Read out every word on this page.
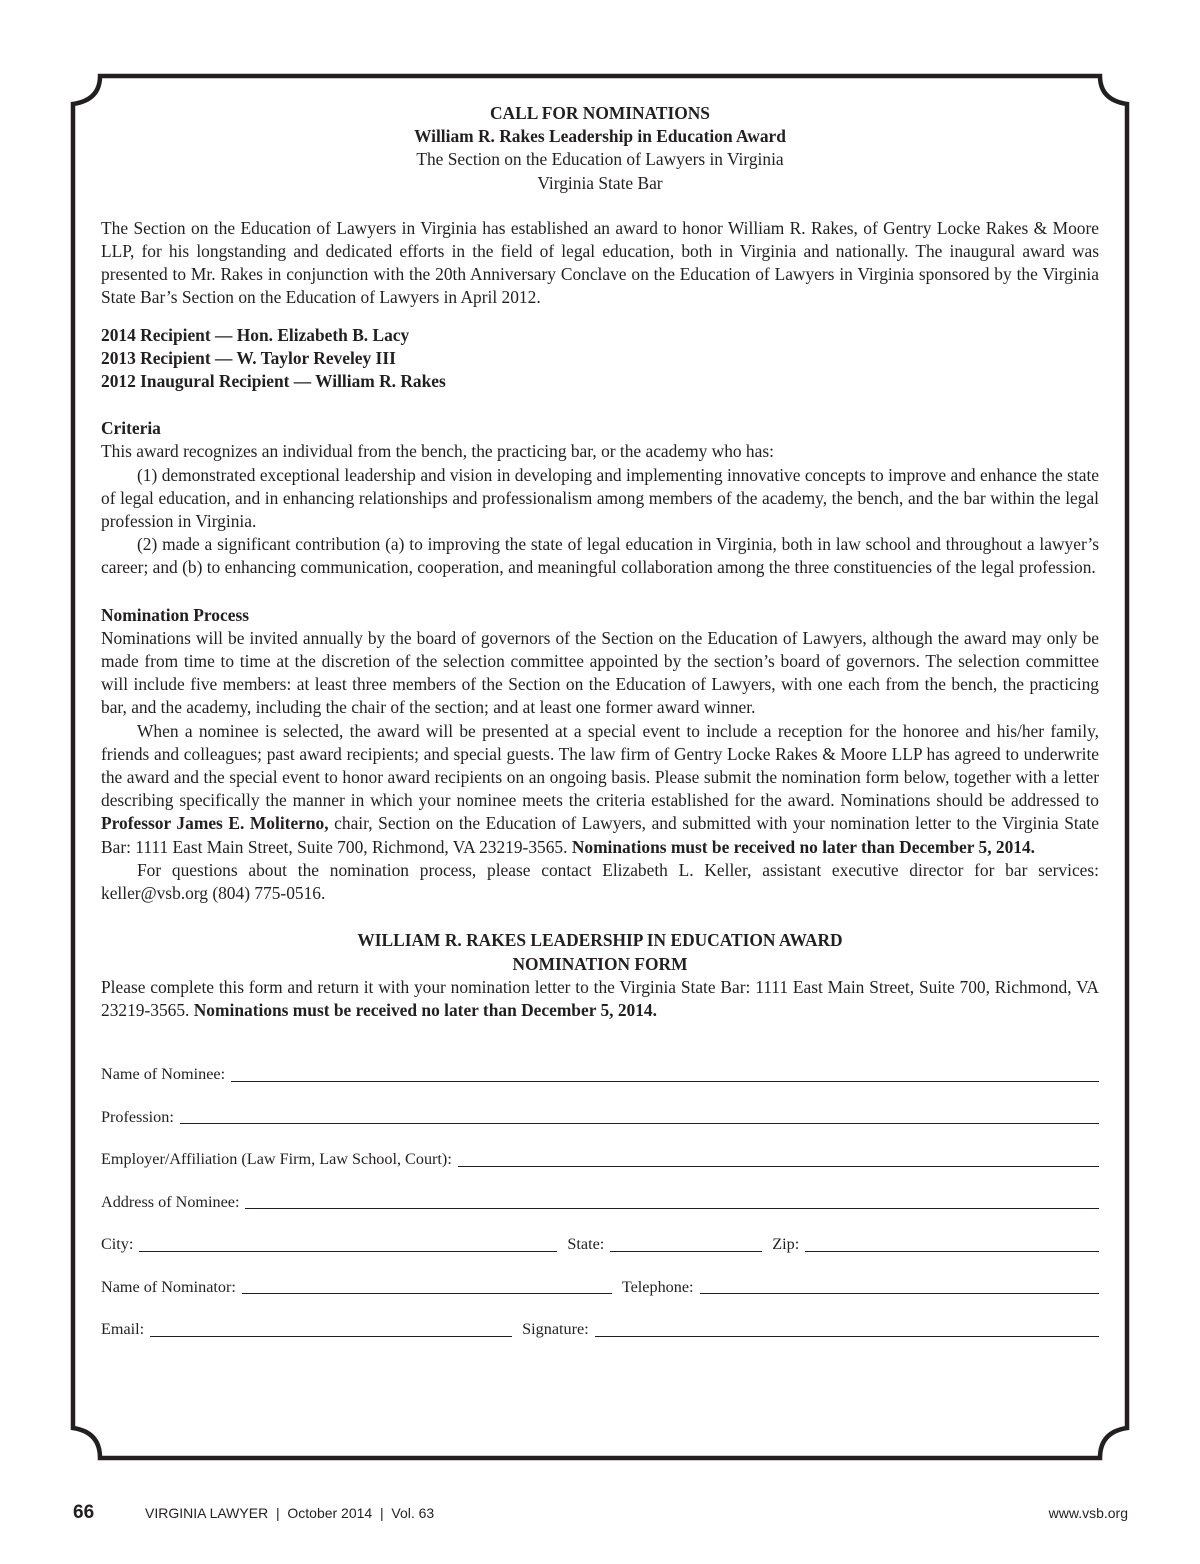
CALL FOR NOMINATIONS

William R. Rakes Leadership in Education Award

The Section on the Education of Lawyers in Virginia

Virginia State Bar

The Section on the Education of Lawyers in Virginia has established an award to honor William R. Rakes, of Gentry Locke Rakes & Moore LLP, for his longstanding and dedicated efforts in the field of legal education, both in Virginia and nationally. The inaugural award was presented to Mr. Rakes in conjunction with the 20th Anniversary Conclave on the Education of Lawyers in Virginia sponsored by the Virginia State Bar’s Section on the Education of Lawyers in April 2012.

2014 Recipient — Hon. Elizabeth B. Lacy

2013 Recipient — W. Taylor Reveley III

2012 Inaugural Recipient — William R. Rakes

Criteria

This award recognizes an individual from the bench, the practicing bar, or the academy who has:

(1) demonstrated exceptional leadership and vision in developing and implementing innovative concepts to improve and enhance the state of legal education, and in enhancing relationships and professionalism among members of the academy, the bench, and the bar within the legal profession in Virginia.

(2) made a significant contribution (a) to improving the state of legal education in Virginia, both in law school and throughout a lawyer’s career; and (b) to enhancing communication, cooperation, and meaningful collaboration among the three constituencies of the legal profession.

Nomination Process

Nominations will be invited annually by the board of governors of the Section on the Education of Lawyers, although the award may only be made from time to time at the discretion of the selection committee appointed by the section’s board of governors. The selection committee will include five members: at least three members of the Section on the Education of Lawyers, with one each from the bench, the practicing bar, and the academy, including the chair of the section; and at least one former award winner.

When a nominee is selected, the award will be presented at a special event to include a reception for the honoree and his/her family, friends and colleagues; past award recipients; and special guests. The law firm of Gentry Locke Rakes & Moore LLP has agreed to underwrite the award and the special event to honor award recipients on an ongoing basis. Please submit the nomination form below, together with a letter describing specifically the manner in which your nominee meets the criteria established for the award. Nominations should be addressed to Professor James E. Moliterno, chair, Section on the Education of Lawyers, and submitted with your nomination letter to the Virginia State Bar: 1111 East Main Street, Suite 700, Richmond, VA 23219-3565. Nominations must be received no later than December 5, 2014.

For questions about the nomination process, please contact Elizabeth L. Keller, assistant executive director for bar services: keller@vsb.org (804) 775-0516.

WILLIAM R. RAKES LEADERSHIP IN EDUCATION AWARD

NOMINATION FORM

Please complete this form and return it with your nomination letter to the Virginia State Bar: 1111 East Main Street, Suite 700, Richmond, VA 23219-3565. Nominations must be received no later than December 5, 2014.

Name of Nominee:
Profession:
Employer/Affiliation (Law Firm, Law School, Court):
Address of Nominee:
City:	State:	Zip:
Name of Nominator:	Telephone:
Email:	Signature:
66	VIRGINIA LAWYER  |  October 2014  |  Vol. 63	www.vsb.org
